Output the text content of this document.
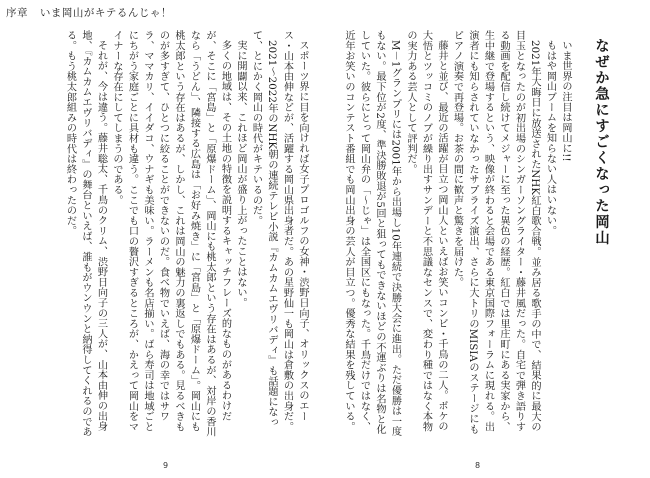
序章 いま岡山がキテるんじゃ！

スポーツ界に目を向ければ女子プロゴルフの女神・渋野日向子、オリックスのエース・山本由伸などが、活躍する岡山県出身者だ。あの星野仙一も岡山は倉敷の出身だ。

2021〜2022年のNHK朝の連続テレビ小説『カムカムエヴリバディ』も話題になって、とにかく岡山の時代がキテいるのだ。

実に開闢以来、これほど岡山が盛り上がったことはない。

多くの地域は、その土地の特徴を説明するキャッチフレーズ的なものがあるわけだが、そこに「宮島」と「原爆ドーム」、岡山にも桃太郎という存在はあるが、対岸の香川なら「うどん」、隣接する広島は「お好み焼き」に「宮島」と「原爆ドーム」。岡山にも桃太郎という存在はあるが、しかし、これは岡山の魅力の裏返しでもある。見るべきものが多すぎて、ひとつに絞ることができないのだ。食べ物でいえば、海の幸ではサワラ、ママカリ、イイダコ、ウナギも美味い。ラーメンも名店揃い。ばら寿司は地域ごとにちがう家庭ごとに具材も違う。ここでも口の贅沢すぎるところが、かえって岡山をマイナーな存在にしてしまうのである。

それが、今は違う。藤井聡太、千鳥のクリム、渋野日向子の三人が、山本由伸の出身地、『カムカムエヴリバディ』の舞台といえば、誰もがウンウンと納得してくれるのである。もう桃太郎組みの時代は終わったのだ。

9

いま世界の注目は岡山に!!

もはや岡山ブームを知らない人はいない。

2021年大晦日に放送されたNHK紅白歌合戦。並み居る歌手の中で、結果的に最大の目玉となったのが初出場のシンガーソングライター・藤井風だった。自宅で弾き語りする動画を配信し続けてメジャーに至った異色の経歴。紅白では里庄町にある実家から、生中継で登場するという、映像が終わると会場である東京国際フォーラムに現れる。出演者にも知らされていなかったサプライズ演出、さらに大トリのMISIAのステージにもピアノ演奏で再登場。お茶の間に歓声と驚きを届けた。

藤井と並び、最近の活躍が目立つ岡山人といえばお笑いコンビ・千鳥の二人。ボケの大悟とツッコミのノブが繰り出すサンデーと不思議なセンスで、変わり種ではなく本物の実力ある芸人として評判だ。

M－1グランプリには2001年から出場し10年連続で決勝大会に進出。ただ優勝は一度もない。最下位が2度、準決勝敗退が5回と狙ってもできないほどの不運ぶりは名物と化していた。彼らにとって岡山弁の「〜じゃ」は全国区にもなった。千鳥だけではなく、近年お笑いのコンテスト番組でも岡山出身の芸人が目立つ。優秀な結果を残している。	なぜか急にすごくなった岡山
8
